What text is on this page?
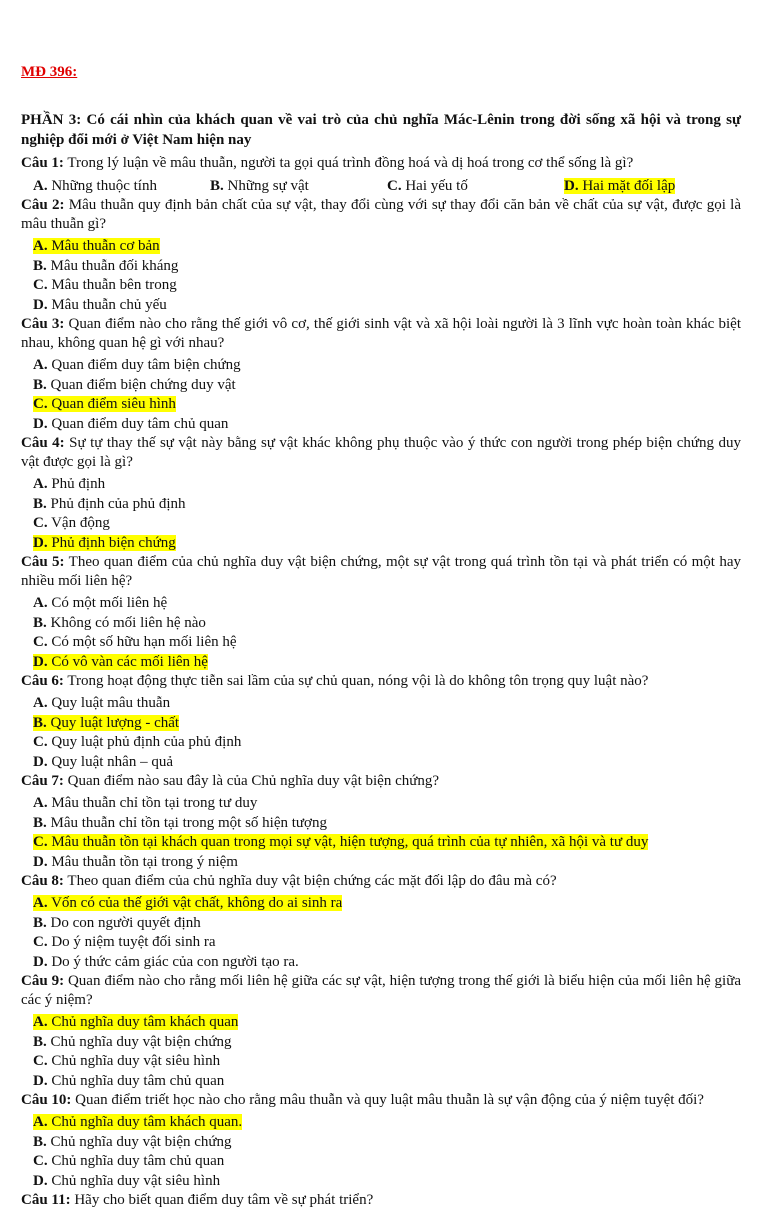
MĐ 396:
PHẦN 3: Có cái nhìn của khách quan về vai trò của chủ nghĩa Mác-Lênin trong đời sống xã hội và trong sự nghiệp đổi mới ở Việt Nam hiện nay
Câu 1: Trong lý luận về mâu thuẫn, người ta gọi quá trình đồng hoá và dị hoá trong cơ thể sống là gì?
A. Những thuộc tính	B. Những sự vật	C. Hai yếu tố	D. Hai mặt đối lập
Câu 2: Mâu thuẫn quy định bản chất của sự vật, thay đổi cùng với sự thay đổi căn bản về chất của sự vật, được gọi là mâu thuẫn gì?
A. Mâu thuẫn cơ bản
B. Mâu thuẫn đối kháng
C. Mâu thuẫn bên trong
D. Mâu thuẫn chủ yếu
Câu 3: Quan điểm nào cho rằng thế giới vô cơ, thế giới sinh vật và xã hội loài người là 3 lĩnh vực hoàn toàn khác biệt nhau, không quan hệ gì với nhau?
A. Quan điểm duy tâm biện chứng
B. Quan điểm biện chứng duy vật
C. Quan điểm siêu hình
D. Quan điểm duy tâm chủ quan
Câu 4: Sự tự thay thế sự vật này bằng sự vật khác không phụ thuộc vào ý thức con người trong phép biện chứng duy vật được gọi là gì?
A. Phủ định
B. Phủ định của phủ định
C. Vận động
D. Phủ định biện chứng
Câu 5: Theo quan điểm của chủ nghĩa duy vật biện chứng, một sự vật trong quá trình tồn tại và phát triển có một hay nhiều mối liên hệ?
A. Có một mối liên hệ
B. Không có mối liên hệ nào
C. Có một số hữu hạn mối liên hệ
D. Có vô vàn các mối liên hệ
Câu 6: Trong hoạt động thực tiễn sai lầm của sự chủ quan, nóng vội là do không tôn trọng quy luật nào?
A. Quy luật mâu thuẫn
B. Quy luật lượng - chất
C. Quy luật phủ định của phủ định
D. Quy luật nhân – quả
Câu 7: Quan điểm nào sau đây là của Chủ nghĩa duy vật biện chứng?
A. Mâu thuẫn chỉ tồn tại trong tư duy
B. Mâu thuẫn chỉ tồn tại trong một số hiện tượng
C. Mâu thuẫn tồn tại khách quan trong mọi sự vật, hiện tượng, quá trình của tự nhiên, xã hội và tư duy
D. Mâu thuẫn tồn tại trong ý niệm
Câu 8: Theo quan điểm của chủ nghĩa duy vật biện chứng các mặt đối lập do đâu mà có?
A. Vốn có của thế giới vật chất, không do ai sinh ra
B. Do con người quyết định
C. Do ý niệm tuyệt đối sinh ra
D. Do ý thức cảm giác của con người tạo ra.
Câu 9: Quan điểm nào cho rằng mối liên hệ giữa các sự vật, hiện tượng trong thế giới là biểu hiện của mối liên hệ giữa các ý niệm?
A. Chủ nghĩa duy tâm khách quan
B. Chủ nghĩa duy vật biện chứng
C. Chủ nghĩa duy vật siêu hình
D. Chủ nghĩa duy tâm chủ quan
Câu 10: Quan điểm triết học nào cho rằng mâu thuẫn và quy luật mâu thuẫn là sự vận động của ý niệm tuyệt đối?
A. Chủ nghĩa duy tâm khách quan.
B. Chủ nghĩa duy vật biện chứng
C. Chủ nghĩa duy tâm chủ quan
D. Chủ nghĩa duy vật siêu hình
Câu 11: Hãy cho biết quan điểm duy tâm về sự phát triển?
